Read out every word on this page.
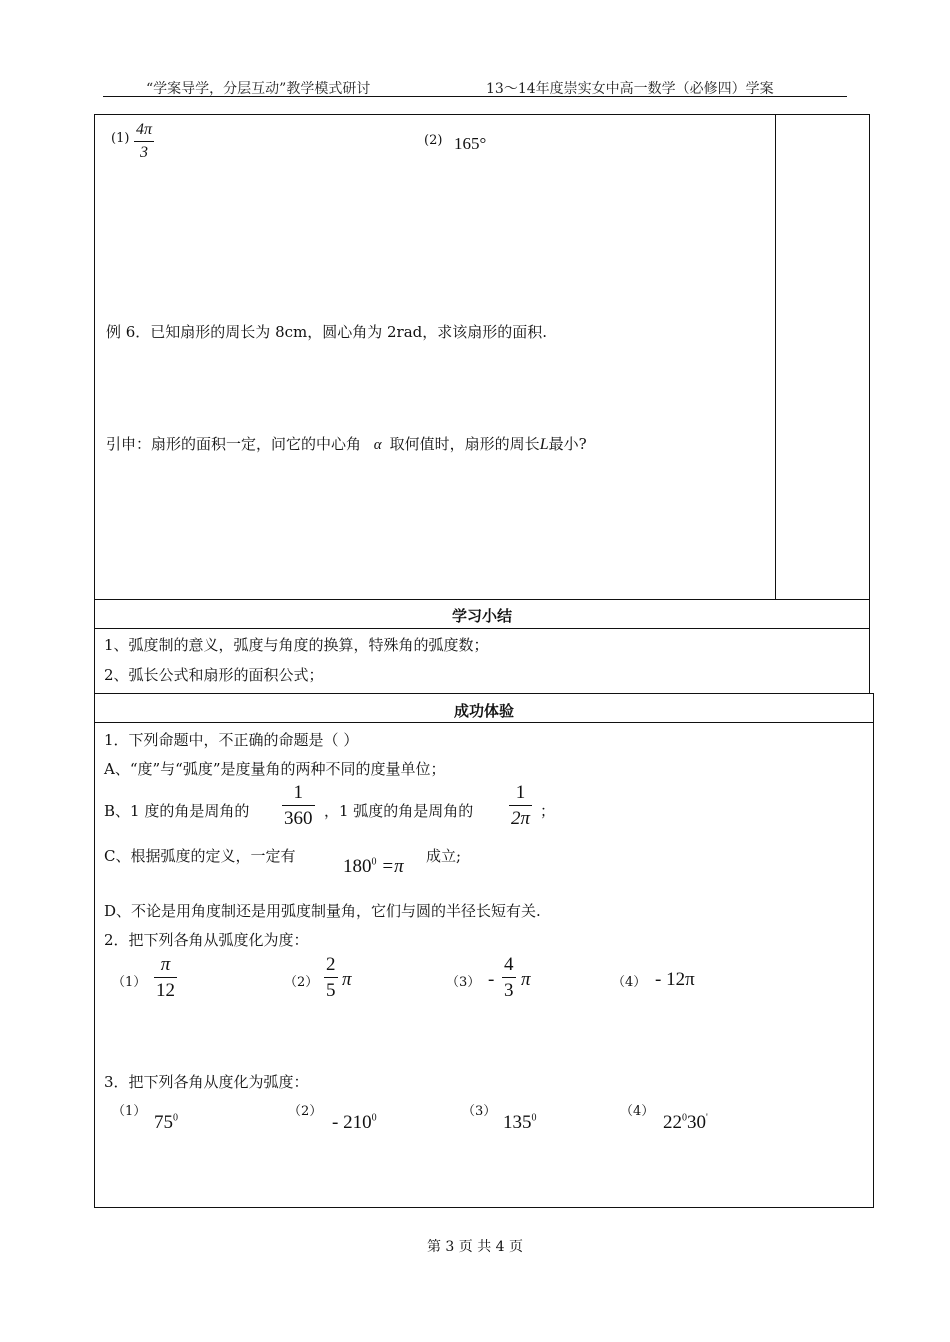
“学案导学，分层互动”教学模式研讨	13～14年度崇实女中高一数学（必修四）学案
$(1) \frac{4\pi}{3}$	(2) 165°
例 6．已知扇形的周长为 8cm，圆心角为 2rad，求该扇形的面积.
引申：扇形的面积一定，问它的中心角 α 取何值时，扇形的周长L最小?
学习小结
1、弧度制的意义，弧度与角度的换算，特殊角的弧度数；
2、弧长公式和扇形的面积公式；
成功体验
1．下列命题中，不正确的命题是（ ）
A、“度”与“弧度”是度量角的两种不同的度量单位；
B、1 度的角是周角的 $\frac{1}{360}$ ，1 弧度的角是周角的 $\frac{1}{2\pi}$ ；
C、根据弧度的定义，一定有	$180^0 =\pi$ 成立;
D、不论是用角度制还是用弧度制量角，它们与圆的半径长短有关.
2．把下列各角从弧度化为度：
$(1) \frac{\pi}{12}$	$(2) \frac{2}{5}$ π	$(3) - \frac{4}{3}$ π	（4） - 12π
3．把下列各角从度化为弧度：
（1）
$75^0$	（2）
- $210^0$	（3）
$135^0$	（4）
$22^030'$
第 3 页 共 4 页
